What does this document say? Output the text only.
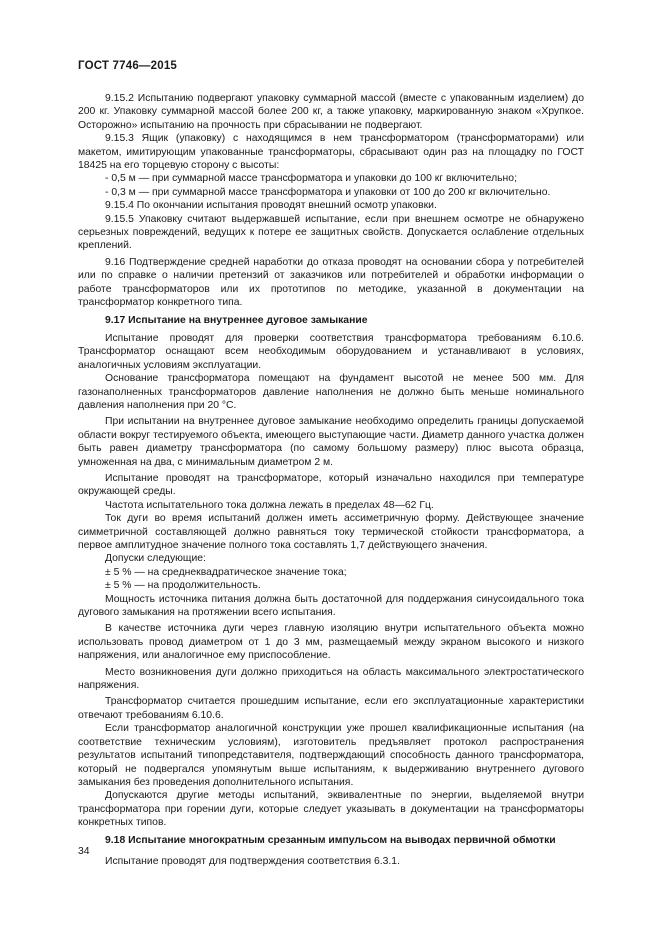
ГОСТ 7746—2015

9.15.2 Испытанию подвергают упаковку суммарной массой (вместе с упакованным изделием) до 200 кг. Упаковку суммарной массой более 200 кг, а также упаковку, маркированную знаком «Хрупкое. Осторожно» испытанию на прочность при сбрасывании не подвергают.

9.15.3 Ящик (упаковку) с находящимся в нем трансформатором (трансформаторами) или макетом, имитирующим упакованные трансформаторы, сбрасывают один раз на площадку по ГОСТ 18425 на его торцевую сторону с высоты:

- 0,5 м — при суммарной массе трансформатора и упаковки до 100 кг включительно;

- 0,3 м — при суммарной массе трансформатора и упаковки от 100 до 200 кг включительно.

9.15.4 По окончании испытания проводят внешний осмотр упаковки.

9.15.5 Упаковку считают выдержавшей испытание, если при внешнем осмотре не обнаружено серьезных повреждений, ведущих к потере ее защитных свойств. Допускается ослабление отдельных креплений.

9.16 Подтверждение средней наработки до отказа проводят на основании сбора у потребителей или по справке о наличии претензий от заказчиков или потребителей и обработки информации о работе трансформаторов или их прототипов по методике, указанной в документации на трансформатор конкретного типа.

9.17 Испытание на внутреннее дуговое замыкание

Испытание проводят для проверки соответствия трансформатора требованиям 6.10.6. Трансформатор оснащают всем необходимым оборудованием и устанавливают в условиях, аналогичных условиям эксплуатации.

Основание трансформатора помещают на фундамент высотой не менее 500 мм. Для газонаполненных трансформаторов давление наполнения не должно быть меньше номинального давления наполнения при 20 °C.

При испытании на внутреннее дуговое замыкание необходимо определить границы допускаемой области вокруг тестируемого объекта, имеющего выступающие части. Диаметр данного участка должен быть равен диаметру трансформатора (по самому большому размеру) плюс высота образца, умноженная на два, с минимальным диаметром 2 м.

Испытание проводят на трансформаторе, который изначально находился при температуре окружающей среды.

Частота испытательного тока должна лежать в пределах 48—62 Гц.

Ток дуги во время испытаний должен иметь ассиметричную форму. Действующее значение симметричной составляющей должно равняться току термической стойкости трансформатора, а первое амплитудное значение полного тока составлять 1,7 действующего значения.

Допуски следующие:

± 5 % — на среднеквадратическое значение тока;

± 5 % — на продолжительность.

Мощность источника питания должна быть достаточной для поддержания синусоидального тока дугового замыкания на протяжении всего испытания.

В качестве источника дуги через главную изоляцию внутри испытательного объекта можно использовать провод диаметром от 1 до 3 мм, размещаемый между экраном высокого и низкого напряжения, или аналогичное ему приспособление.

Место возникновения дуги должно приходиться на область максимального электростатического напряжения.

Трансформатор считается прошедшим испытание, если его эксплуатационные характеристики отвечают требованиям 6.10.6.

Если трансформатор аналогичной конструкции уже прошел квалификационные испытания (на соответствие техническим условиям), изготовитель предъявляет протокол распространения результатов испытаний типопредставителя, подтверждающий способность данного трансформатора, который не подвергался упомянутым выше испытаниям, к выдерживанию внутреннего дугового замыкания без проведения дополнительного испытания.

Допускаются другие методы испытаний, эквивалентные по энергии, выделяемой внутри трансформатора при горении дуги, которые следует указывать в документации на трансформаторы конкретных типов.

9.18 Испытание многократным срезанным импульсом на выводах первичной обмотки

Испытание проводят для подтверждения соответствия 6.3.1.

34
